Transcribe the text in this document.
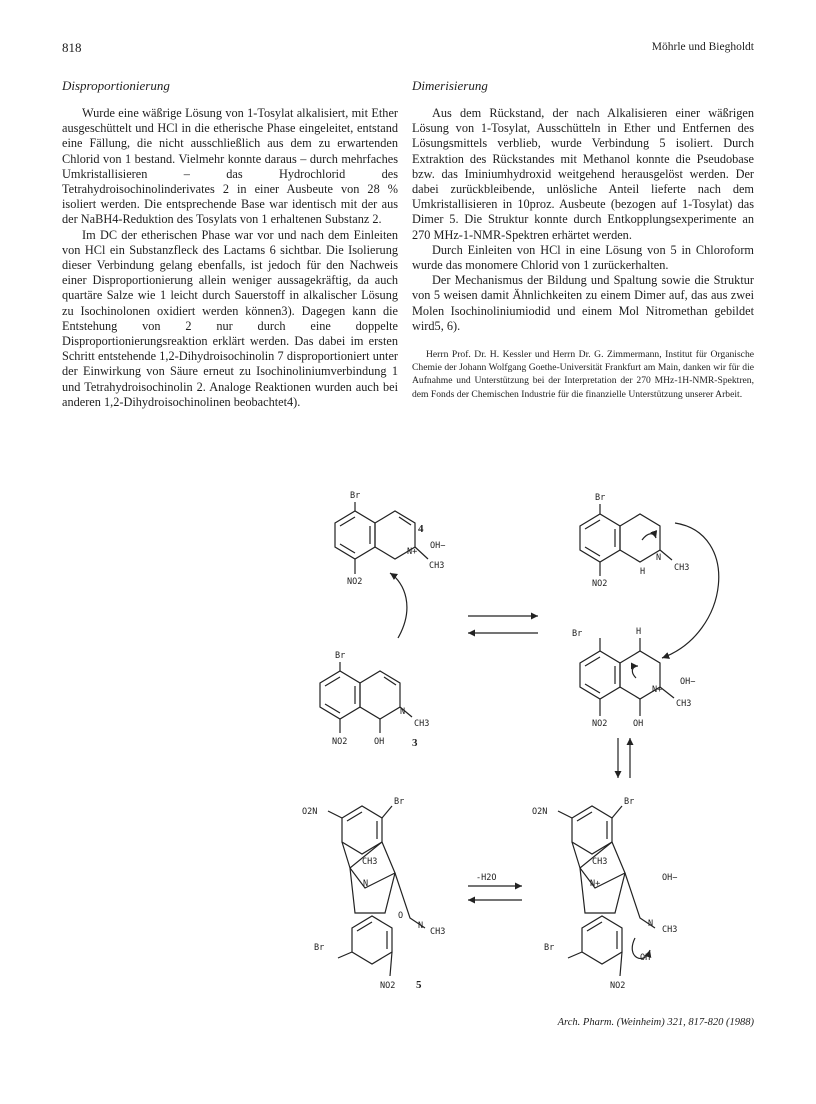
818	Möhrle und Biegholdt
Disproportionierung

Wurde eine wäßrige Lösung von 1-Tosylat alkalisiert, mit Ether ausgeschüttelt und HCl in die etherische Phase eingeleitet, entstand eine Fällung, die nicht ausschließlich aus dem zu erwartenden Chlorid von 1 bestand. Vielmehr konnte daraus – durch mehrfaches Umkristallisieren – das Hydrochlorid des Tetrahydroisochinolinderivates 2 in einer Ausbeute von 28 % isoliert werden. Die entsprechende Base war identisch mit der aus der NaBH4-Reduktion des Tosylats von 1 erhaltenen Substanz 2.

Im DC der etherischen Phase war vor und nach dem Einleiten von HCl ein Substanzfleck des Lactams 6 sichtbar. Die Isolierung dieser Verbindung gelang ebenfalls, ist jedoch für den Nachweis einer Disproportionierung allein weniger aussagekräftig, da auch quartäre Salze wie 1 leicht durch Sauerstoff in alkalischer Lösung zu Isochinolonen oxidiert werden können3). Dagegen kann die Entstehung von 2 nur durch eine doppelte Disproportionierungsreaktion erklärt werden. Das dabei im ersten Schritt entstehende 1,2-Dihydroisochinolin 7 disproportioniert unter der Einwirkung von Säure erneut zu Isochinoliniumverbindung 1 und Tetrahydroisochinolin 2. Analoge Reaktionen wurden auch bei anderen 1,2-Dihydroisochinolinen beobachtet4).

Dimerisierung

Aus dem Rückstand, der nach Alkalisieren einer wäßrigen Lösung von 1-Tosylat, Ausschütteln in Ether und Entfernen des Lösungsmittels verblieb, wurde Verbindung 5 isoliert. Durch Extraktion des Rückstandes mit Methanol konnte die Pseudobase bzw. das Iminiumhydroxid weitgehend herausgelöst werden. Der dabei zurückbleibende, unlösliche Anteil lieferte nach dem Umkristallisieren in 10proz. Ausbeute (bezogen auf 1-Tosylat) das Dimer 5. Die Struktur konnte durch Entkopplungsexperimente an 270 MHz-1-NMR-Spektren erhärtet werden.

Durch Einleiten von HCl in eine Lösung von 5 in Chloroform wurde das monomere Chlorid von 1 zurückerhalten.

Der Mechanismus der Bildung und Spaltung sowie die Struktur von 5 weisen damit Ähnlichkeiten zu einem Dimer auf, das aus zwei Molen Isochinoliniumiodid und einem Mol Nitromethan gebildet wird5, 6).

Herrn Prof. Dr. H. Kessler und Herrn Dr. G. Zimmermann, Institut für Organische Chemie der Johann Wolfgang Goethe-Universität Frankfurt am Main, danken wir für die Aufnahme und Unterstützung bei der Interpretation der 270 MHz-1H-NMR-Spektren, dem Fonds der Chemischen Industrie für die finanzielle Unterstützung unserer Arbeit.

Br
4
N+
OH−
CH3
NO2
Br
N
CH3
NO2	OH	3
Br
N
CH3
H
NO2
Br	H
N+
OH−
CH3
NO2	OH
Br
O2N
CH3
N
O
N
CH3
Br
NO2 5
-H2O
Br
O2N
CH3
N+
OH−
N
CH3
OH
Br
NO2
Arch. Pharm. (Weinheim) 321, 817-820 (1988)
